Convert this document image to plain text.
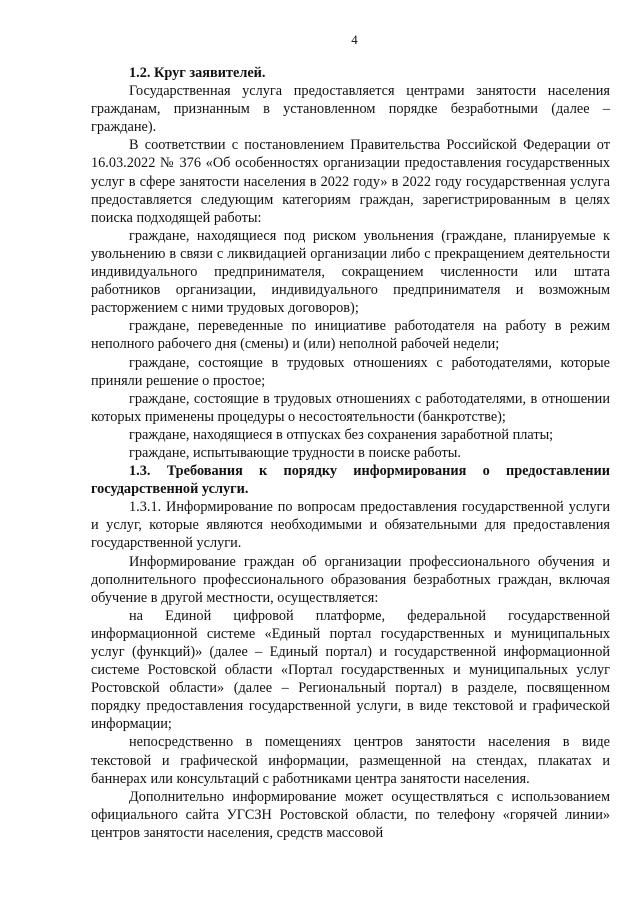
4

1.2. Круг заявителей.

Государственная услуга предоставляется центрами занятости населения гражданам, признанным в установленном порядке безработными (далее – граждане).

В соответствии с постановлением Правительства Российской Федерации от 16.03.2022 № 376 «Об особенностях организации предоставления государственных услуг в сфере занятости населения в 2022 году» в 2022 году государственная услуга предоставляется следующим категориям граждан, зарегистрированным в целях поиска подходящей работы:

граждане, находящиеся под риском увольнения (граждане, планируемые к увольнению в связи с ликвидацией организации либо с прекращением деятельности индивидуального предпринимателя, сокращением численности или штата работников организации, индивидуального предпринимателя и возможным расторжением с ними трудовых договоров);

граждане, переведенные по инициативе работодателя на работу в режим неполного рабочего дня (смены) и (или) неполной рабочей недели;

граждане, состоящие в трудовых отношениях с работодателями, которые приняли решение о простое;

граждане, состоящие в трудовых отношениях с работодателями, в отношении которых применены процедуры о несостоятельности (банкротстве);

граждане, находящиеся в отпусках без сохранения заработной платы;

граждане, испытывающие трудности в поиске работы.

1.3. Требования к порядку информирования о предоставлении государственной услуги.

1.3.1. Информирование по вопросам предоставления государственной услуги и услуг, которые являются необходимыми и обязательными для предоставления государственной услуги.

Информирование граждан об организации профессионального обучения и дополнительного профессионального образования безработных граждан, включая обучение в другой местности, осуществляется:

на Единой цифровой платформе, федеральной государственной информационной системе «Единый портал государственных и муниципальных услуг (функций)» (далее – Единый портал) и государственной информационной системе Ростовской области «Портал государственных и муниципальных услуг Ростовской области» (далее – Региональный портал) в разделе, посвященном порядку предоставления государственной услуги, в виде текстовой и графической информации;

непосредственно в помещениях центров занятости населения в виде текстовой и графической информации, размещенной на стендах, плакатах и баннерах или консультаций с работниками центра занятости населения.

Дополнительно информирование может осуществляться с использованием официального сайта УГСЗН Ростовской области, по телефону «горячей линии» центров занятости населения, средств массовой
